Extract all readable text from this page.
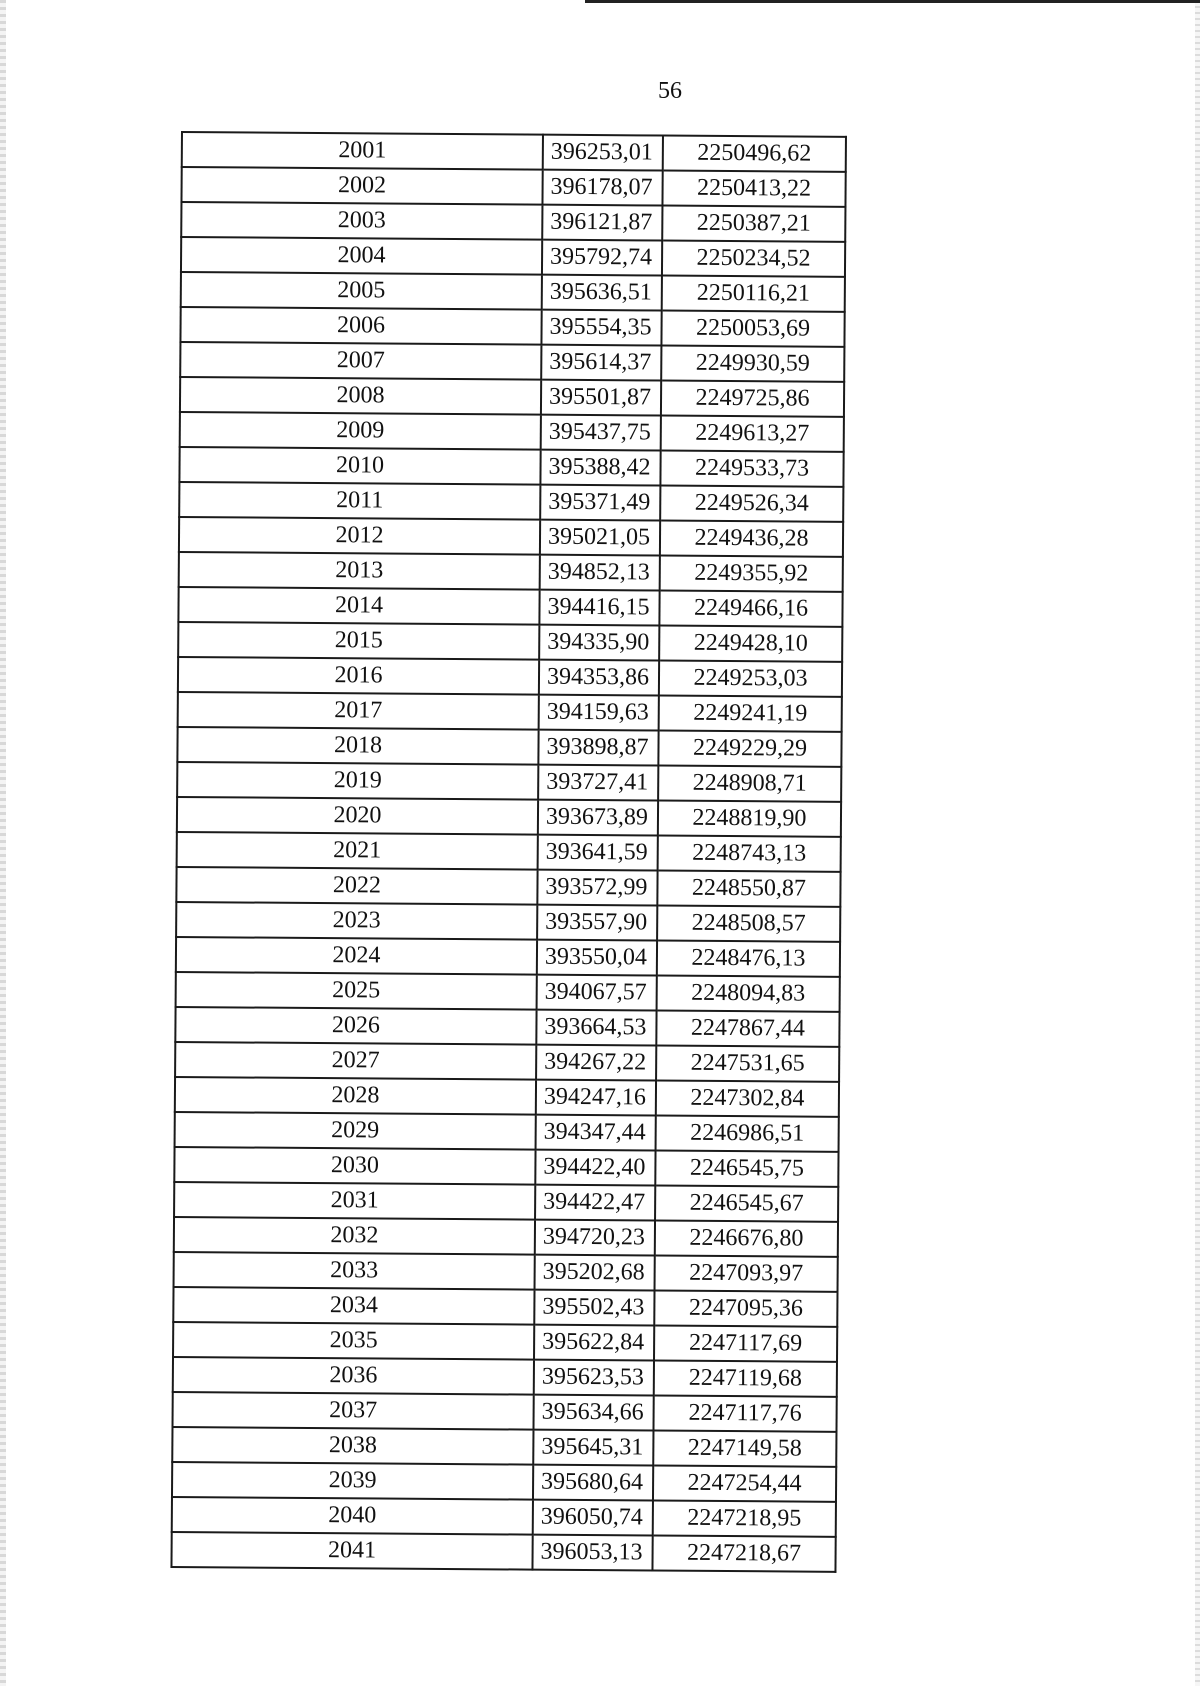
56
2001	396253,01	2250496,62
2002	396178,07	2250413,22
2003	396121,87	2250387,21
2004	395792,74	2250234,52
2005	395636,51	2250116,21
2006	395554,35	2250053,69
2007	395614,37	2249930,59
2008	395501,87	2249725,86
2009	395437,75	2249613,27
2010	395388,42	2249533,73
2011	395371,49	2249526,34
2012	395021,05	2249436,28
2013	394852,13	2249355,92
2014	394416,15	2249466,16
2015	394335,90	2249428,10
2016	394353,86	2249253,03
2017	394159,63	2249241,19
2018	393898,87	2249229,29
2019	393727,41	2248908,71
2020	393673,89	2248819,90
2021	393641,59	2248743,13
2022	393572,99	2248550,87
2023	393557,90	2248508,57
2024	393550,04	2248476,13
2025	394067,57	2248094,83
2026	393664,53	2247867,44
2027	394267,22	2247531,65
2028	394247,16	2247302,84
2029	394347,44	2246986,51
2030	394422,40	2246545,75
2031	394422,47	2246545,67
2032	394720,23	2246676,80
2033	395202,68	2247093,97
2034	395502,43	2247095,36
2035	395622,84	2247117,69
2036	395623,53	2247119,68
2037	395634,66	2247117,76
2038	395645,31	2247149,58
2039	395680,64	2247254,44
2040	396050,74	2247218,95
2041	396053,13	2247218,67
